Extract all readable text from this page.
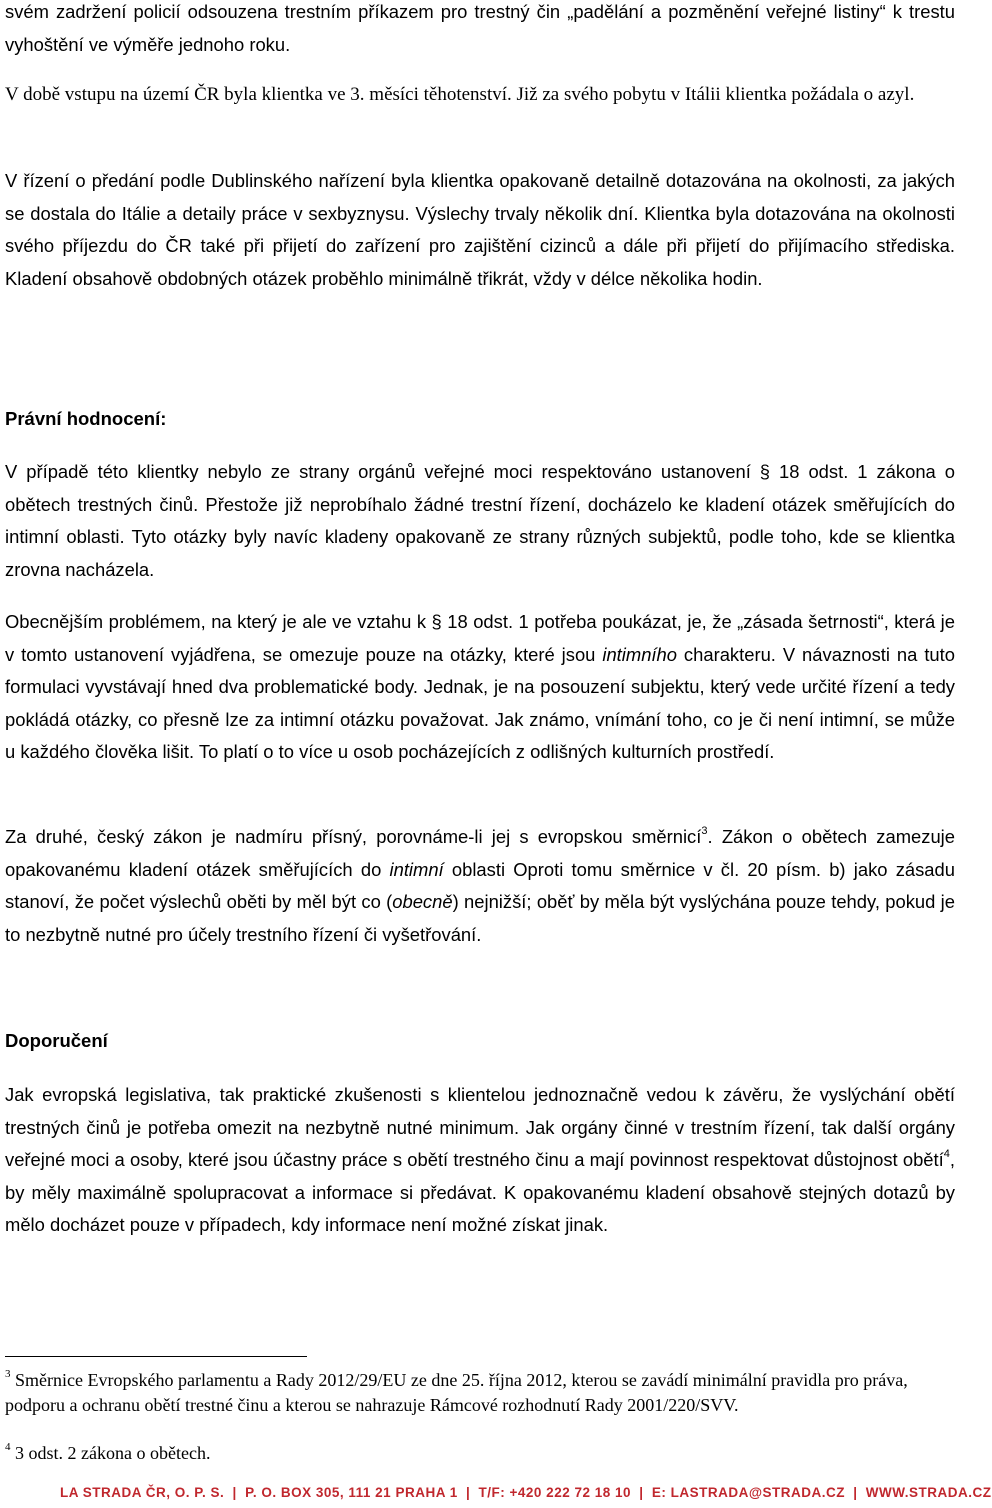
svém zadržení policií odsouzena trestním příkazem pro trestný čin „padělání a pozměnění veřejné listiny“ k trestu vyhoštění ve výměře jednoho roku.

V době vstupu na území ČR byla klientka ve 3. měsíci těhotenství. Již za svého pobytu v Itálii klientka požádala o azyl.

V řízení o předání podle Dublinského nařízení byla klientka opakovaně detailně dotazována na okolnosti, za jakých se dostala do Itálie a detaily práce v sexbyznysu. Výslechy trvaly několik dní. Klientka byla dotazována na okolnosti svého příjezdu do ČR také při přijetí do zařízení pro zajištění cizinců a dále při přijetí do přijímacího střediska. Kladení obsahově obdobných otázek proběhlo minimálně třikrát, vždy v délce několika hodin.

Právní hodnocení:

V případě této klientky nebylo ze strany orgánů veřejné moci respektováno ustanovení § 18 odst. 1 zákona o obětech trestných činů. Přestože již neprobíhalo žádné trestní řízení, docházelo ke kladení otázek směřujících do intimní oblasti. Tyto otázky byly navíc kladeny opakovaně ze strany různých subjektů, podle toho, kde se klientka zrovna nacházela.

Obecnějším problémem, na který je ale ve vztahu k § 18 odst. 1 potřeba poukázat, je, že „zásada šetrnosti“, která je v tomto ustanovení vyjádřena, se omezuje pouze na otázky, které jsou intimního charakteru. V návaznosti na tuto formulaci vyvstávají hned dva problematické body. Jednak, je na posouzení subjektu, který vede určité řízení a tedy pokládá otázky, co přesně lze za intimní otázku považovat. Jak známo, vnímání toho, co je či není intimní, se může u každého člověka lišit. To platí o to více u osob pocházejících z odlišných kulturních prostředí.

Za druhé, český zákon je nadmíru přísný, porovnáme-li jej s evropskou směrnicí$^3$. Zákon o obětech zamezuje opakovanému kladení otázek směřujících do intimní oblasti Oproti tomu směrnice v čl. 20 písm. b) jako zásadu stanoví, že počet výslechů oběti by měl být co (obecně) nejnižší; oběť by měla být vyslýchána pouze tehdy, pokud je to nezbytně nutné pro účely trestního řízení či vyšetřování.

Doporučení

Jak evropská legislativa, tak praktické zkušenosti s klientelou jednoznačně vedou k závěru, že vyslýchání obětí trestných činů je potřeba omezit na nezbytně nutné minimum. Jak orgány činné v trestním řízení, tak další orgány veřejné moci a osoby, které jsou účastny práce s obětí trestného činu a mají povinnost respektovat důstojnost obětí$^4$, by měly maximálně spolupracovat a informace si předávat. K opakovanému kladení obsahově stejných dotazů by mělo docházet pouze v případech, kdy informace není možné získat jinak.

$^3$ Směrnice Evropského parlamentu a Rady 2012/29/EU ze dne 25. října 2012, kterou se zavádí minimální pravidla pro práva, podporu a ochranu obětí trestné činu a kterou se nahrazuje Rámcové rozhodnutí Rady 2001/220/SVV.

$^4$ 3 odst. 2 zákona o obětech.

LA STRADA ČR, O. P. S. | P. O. BOX 305, 111 21 PRAHA 1 | T/F: +420 222 72 18 10 | E: LASTRADA@STRADA.CZ | WWW.STRADA.CZ
